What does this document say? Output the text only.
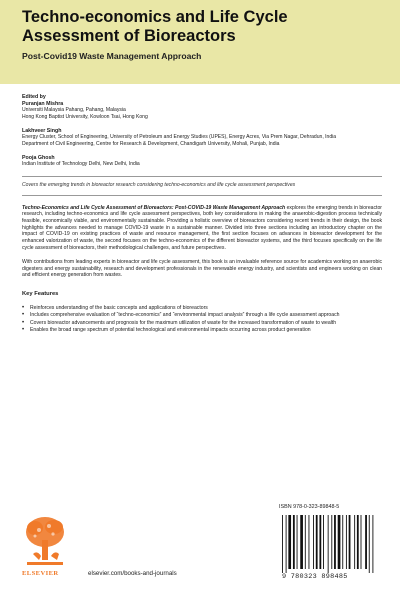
Techno-economics and Life Cycle
Assessment of Bioreactors
Post-Covid19 Waste Management Approach
Edited by
Puranjan Mishra
Universiti Malaysia Pahang, Pahang, Malaysia
Hong Kong Baptist University, Kowloon Tsai, Hong Kong
Lakhveer Singh
Energy Cluster, School of Engineering, University of Petroleum and Energy Studies (UPES), Energy Acres, Via Prem Nagar, Dehradun, India
Department of Civil Engineering, Centre for Research & Development, Chandigarh University, Mohali, Punjab, India
Pooja Ghosh
Indian Institute of Technology Delhi, New Delhi, India
Covers the emerging trends in bioreactor research considering techno-economics and life cycle assessment perspectives
Techno-Economics and Life Cycle Assessment of Bioreactors: Post-COVID-19 Waste Management Approach explores the emerging trends in bioreactor research, including techno-economics and life cycle assessment perspectives, both key considerations in making the anaerobic-digestion process technically feasible, economically viable, and environmentally sustainable. Providing a holistic overview of bioreactors considering recent trends in their design, the book highlights the advances needed to manage COVID-19 waste in a sustainable manner. Divided into three sections including an introductory chapter on the impact of COVID-19 on existing practices of waste and resource management, the first section focuses on advances in bioreactor development for the enhanced valorization of waste, the second focuses on the techno-economics of the different bioreactor systems, and the third focuses specifically on the life cycle assessment of bioreactors, their methodological challenges, and future perspectives.
With contributions from leading experts in bioreactor and life cycle assessment, this book is an invaluable reference source for academics working on anaerobic digesters and energy sustainability, research and development professionals in the renewable energy industry, and scientists and engineers working on clean and efficient energy generation from wastes.
Key Features
• Reinforces understanding of the basic concepts and applications of bioreactors
• Includes comprehensive evaluation of “techno-economics” and “environmental impact analysis” through a life cycle assessment approach
• Covers bioreactor advancements and prognosis for the maximum utilization of waste for the increased transformation of waste to wealth
• Enables the broad range spectrum of potential technological and environmental impacts occurring across product generation
ELSEVIER	elsevier.com/books-and-journals
ISBN 978-0-323-89848-5
9 780323 898485
